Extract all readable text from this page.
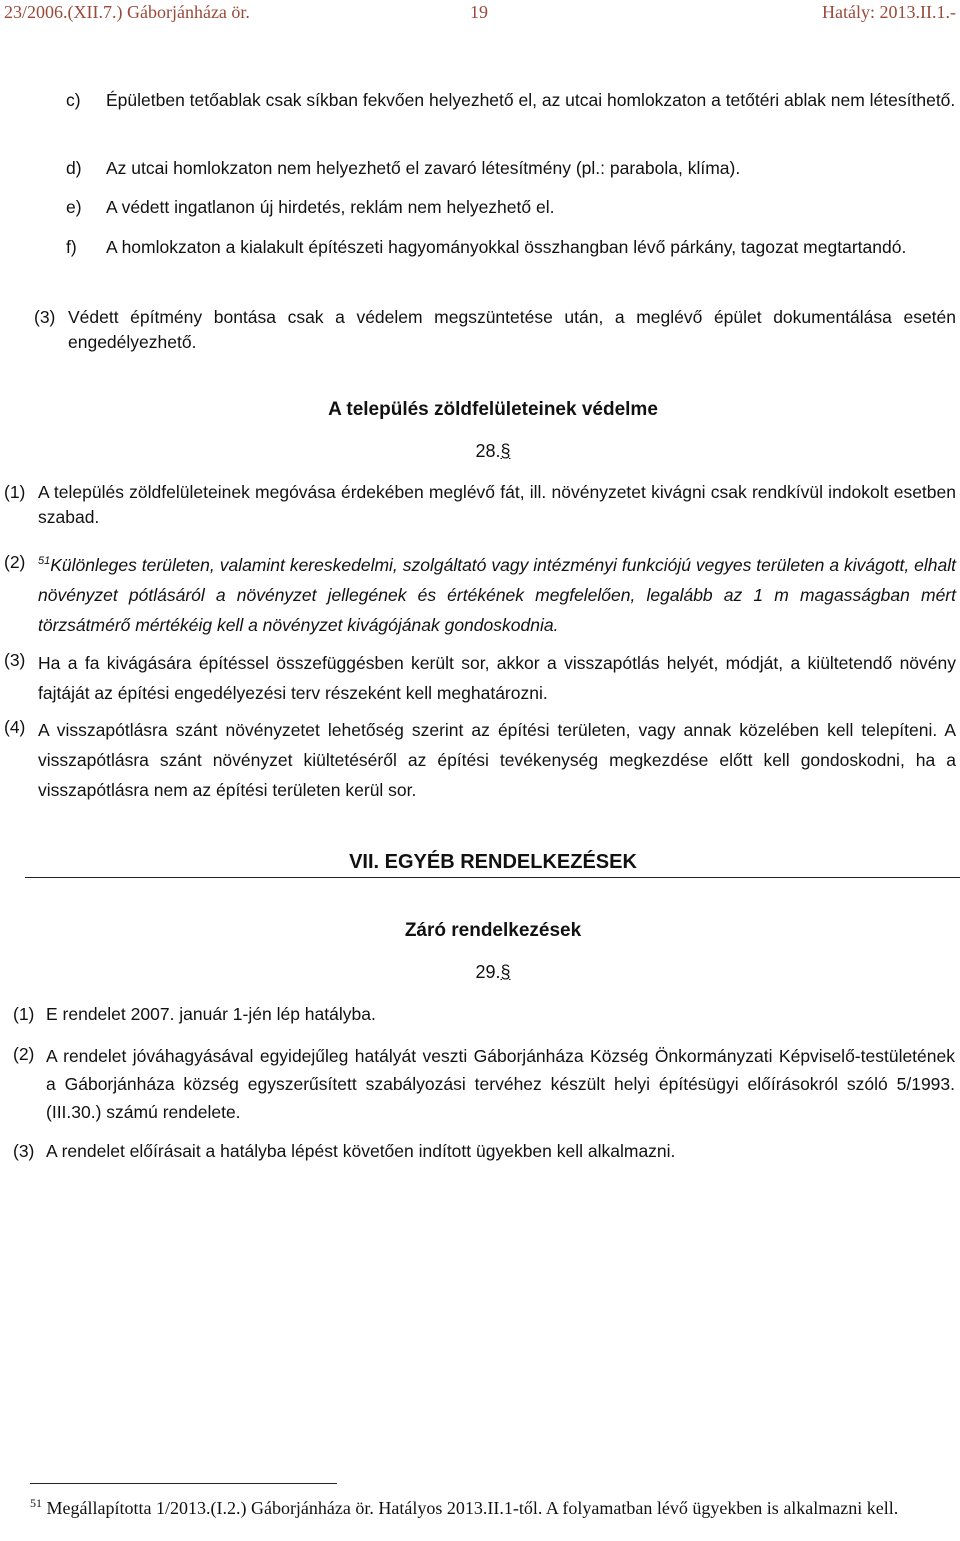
23/2006.(XII.7.) Gáborjánháza ör.	19	Hatály: 2013.II.1.-
c) Épületben tetőablak csak síkban fekvően helyezhető el, az utcai homlokzaton a tetőtéri ablak nem létesíthető.
d) Az utcai homlokzaton nem helyezhető el zavaró létesítmény (pl.: parabola, klíma).
e) A védett ingatlanon új hirdetés, reklám nem helyezhető el.
f) A homlokzaton a kialakult építészeti hagyományokkal összhangban lévő párkány, tagozat megtartandó.
(3) Védett építmény bontása csak a védelem megszüntetése után, a meglévő épület dokumentálása esetén engedélyezhető.
A település zöldfelületeinek védelme
28.§
(1) A település zöldfelületeinek megóvása érdekében meglévő fát, ill. növényzetet kivágni csak rendkívül indokolt esetben szabad.
(2) $^{51}$Különleges területen, valamint kereskedelmi, szolgáltató vagy intézményi funkciójú vegyes területen a kivágott, elhalt növényzet pótlásáról a növényzet jellegének és értékének megfelelően, legalább az 1 m magasságban mért törzsátmérő mértékéig kell a növényzet kivágójának gondoskodnia.
(3) Ha a fa kivágására építéssel összefüggésben került sor, akkor a visszapótlás helyét, módját, a kiültetendő növény fajtáját az építési engedélyezési terv részeként kell meghatározni.
(4) A visszapótlásra szánt növényzetet lehetőség szerint az építési területen, vagy annak közelében kell telepíteni. A visszapótlásra szánt növényzet kiültetéséről az építési tevékenység megkezdése előtt kell gondoskodni, ha a visszapótlásra nem az építési területen kerül sor.
VII. EGYÉB RENDELKEZÉSEK
Záró rendelkezések
29.§
(1) E rendelet 2007. január 1-jén lép hatályba.
(2) A rendelet jóváhagyásával egyidejűleg hatályát veszti Gáborjánháza Község Önkormányzati Képviselő-testületének a Gáborjánháza község egyszerűsített szabályozási tervéhez készült helyi építésügyi előírásokról szóló 5/1993.(III.30.) számú rendelete.
(3) A rendelet előírásait a hatályba lépést követően indított ügyekben kell alkalmazni.
$^{51}$ Megállapította 1/2013.(I.2.) Gáborjánháza ör. Hatályos 2013.II.1-től. A folyamatban lévő ügyekben is alkalmazni kell.
